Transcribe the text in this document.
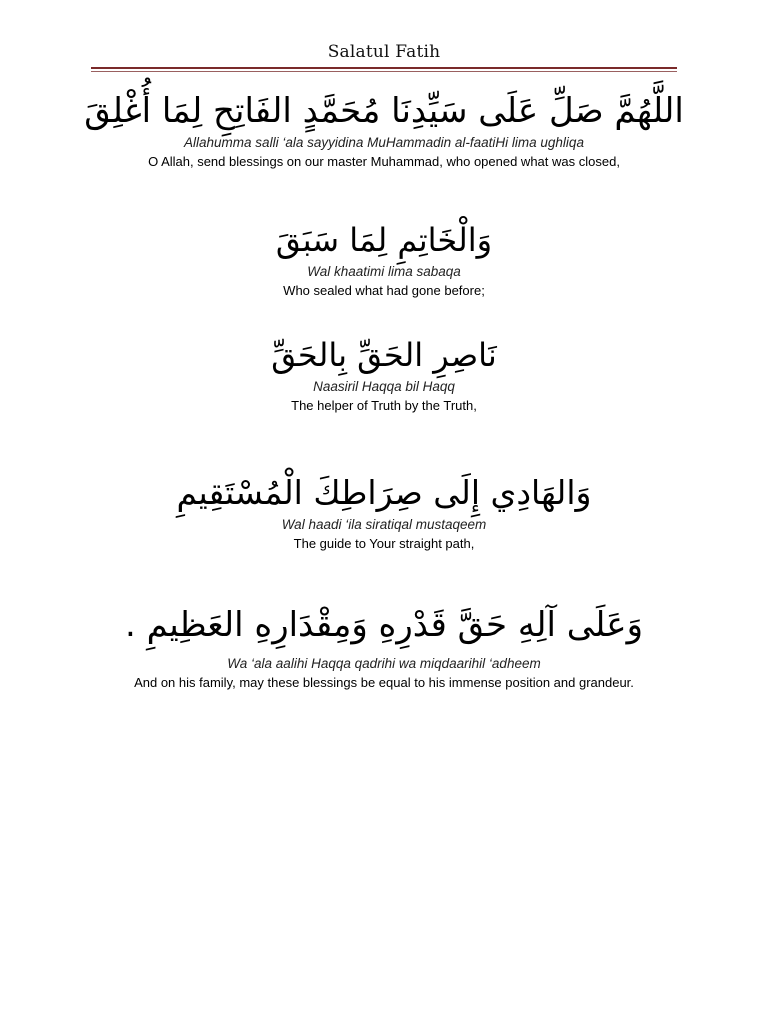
Salatul Fatih
اللَّهُمَّ صَلِّ عَلَى سَيِّدِنَا مُحَمَّدٍ الفَاتِحِ لِمَا أُغْلِقَ
Allahumma salli ‘ala sayyidina MuHammadin al-faatiHi lima ughliqa
O Allah, send blessings on our master Muhammad, who opened what was closed,
وَالْخَاتِمِ لِمَا سَبَقَ
Wal khaatimi lima sabaqa
Who sealed what had gone before;
نَاصِرِ الحَقِّ بِالحَقِّ
Naasiril Haqqa bil Haqq
The helper of Truth by the Truth,
وَالهَادِي إِلَى صِرَاطِكَ الْمُسْتَقِيمِ
Wal haadi ‘ila siratiqal mustaqeem
The guide to Your straight path,
وَعَلَى آلِهِ حَقَّ قَدْرِهِ وَمِقْدَارِهِ العَظِيمِ .
Wa ‘ala aalihi Haqqa qadrihi wa miqdaarihil ‘adheem
And on his family, may these blessings be equal to his immense position and grandeur.
